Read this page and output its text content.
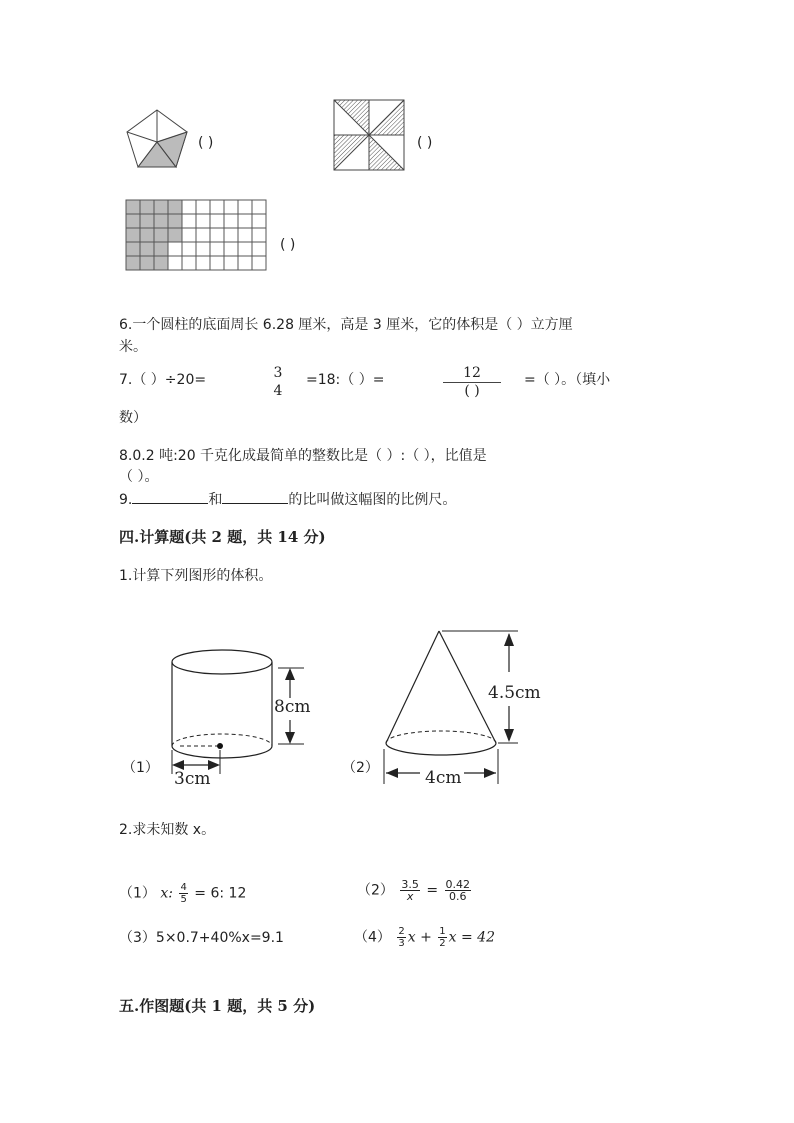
( )	( )
( )
6.一个圆柱的底面周长 6.28 厘米，高是 3 厘米，它的体积是（ ）立方厘
米。
7.（ ）÷20=	3
4
=18:（ ）=	12
( )
=（ ）。（填小
数）
8.0.2 吨:20 千克化成最简单的整数比是（ ）:（ ），比值是
（ ）。
9.	和	的比叫做这幅图的比例尺。
四.计算题(共 2 题，共 14 分)
1.计算下列图形的体积。
8cm
3cm
（1）
4.5cm
4cm
（2）
2.求未知数 x。
（1） x: $\frac{4}{5} = 6$: 12	$(2) \frac{3.5}{x} = \frac{0.42}{0.6}$
（3）5×0.7+40%x=9.1	$(4) \frac{2}{3}$ $x + \frac{1}{2}$ x = 42
五.作图题(共 1 题，共 5 分)
